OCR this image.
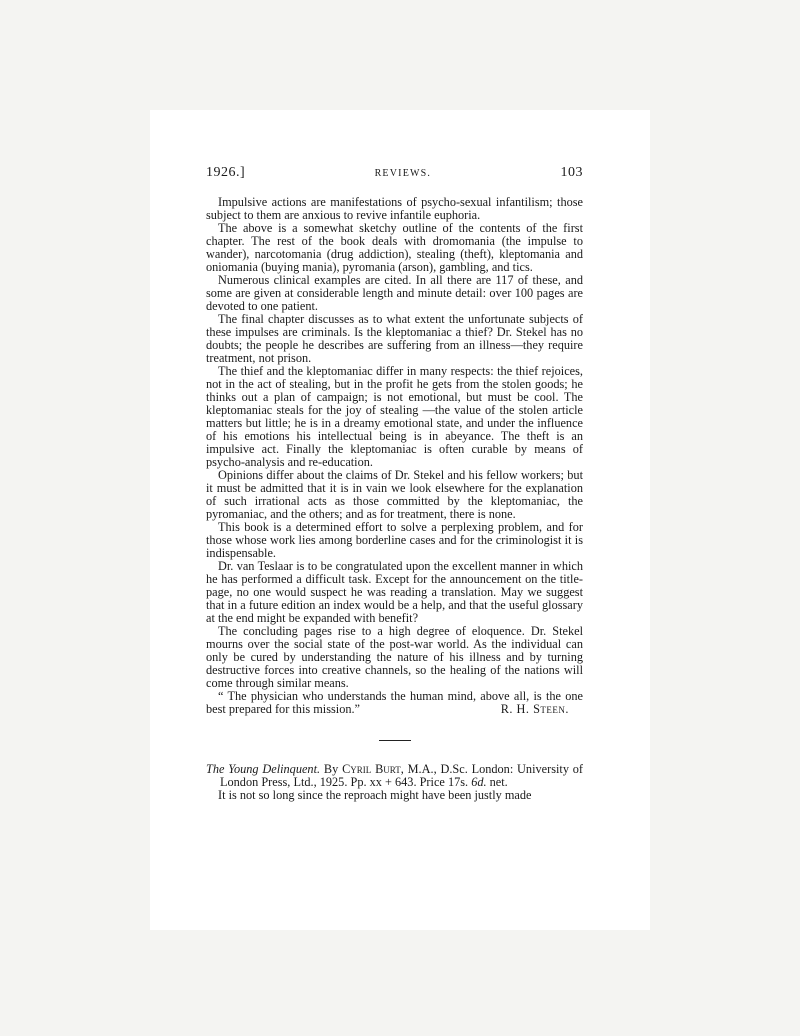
1926.]	REVIEWS.	103

Impulsive actions are manifestations of psycho-sexual infantilism; those subject to them are anxious to revive infantile euphoria.

The above is a somewhat sketchy outline of the contents of the first chapter. The rest of the book deals with dromomania (the impulse to wander), narcotomania (drug addiction), stealing (theft), kleptomania and oniomania (buying mania), pyromania (arson), gambling, and tics.

Numerous clinical examples are cited. In all there are 117 of these, and some are given at considerable length and minute detail: over 100 pages are devoted to one patient.

The final chapter discusses as to what extent the unfortunate subjects of these impulses are criminals. Is the kleptomaniac a thief? Dr. Stekel has no doubts; the people he describes are suffering from an illness—they require treatment, not prison.

The thief and the kleptomaniac differ in many respects: the thief rejoices, not in the act of stealing, but in the profit he gets from the stolen goods; he thinks out a plan of campaign; is not emotional, but must be cool. The kleptomaniac steals for the joy of stealing —the value of the stolen article matters but little; he is in a dreamy emotional state, and under the influence of his emotions his intellectual being is in abeyance. The theft is an impulsive act. Finally the kleptomaniac is often curable by means of psycho-analysis and re-education.

Opinions differ about the claims of Dr. Stekel and his fellow workers; but it must be admitted that it is in vain we look elsewhere for the explanation of such irrational acts as those committed by the kleptomaniac, the pyromaniac, and the others; and as for treatment, there is none.

This book is a determined effort to solve a perplexing problem, and for those whose work lies among borderline cases and for the criminologist it is indispensable.

Dr. van Teslaar is to be congratulated upon the excellent manner in which he has performed a difficult task. Except for the announcement on the title-page, no one would suspect he was reading a translation. May we suggest that in a future edition an index would be a help, and that the useful glossary at the end might be expanded with benefit?

The concluding pages rise to a high degree of eloquence. Dr. Stekel mourns over the social state of the post-war world. As the individual can only be cured by understanding the nature of his illness and by turning destructive forces into creative channels, so the healing of the nations will come through similar means.

“ The physician who understands the human mind, above all, is the one best prepared for this mission.”	R. H. Steen.

The Young Delinquent. By Cyril Burt, M.A., D.Sc. London: University of London Press, Ltd., 1925. Pp. xx + 643. Price 17s. 6d. net.

It is not so long since the reproach might have been justly made
